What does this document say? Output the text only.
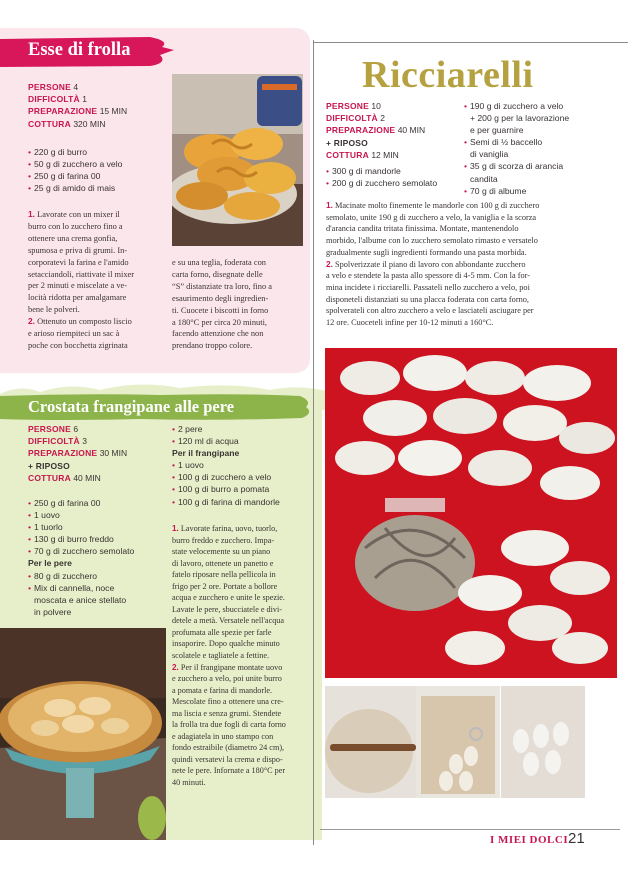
Esse di frolla
PERSONE 4
DIFFICOLTÀ 1
PREPARAZIONE 15 MIN
COTTURA 320 MIN
• 220 g di burro
• 50 g di zucchero a velo
• 250 g di farina 00
• 25 g di amido di mais
1. Lavorate con un mixer il
burro con lo zucchero fino a
ottenere una crema gonfia,
spumosa e priva di grumi. In-
corporatevi la farina e l'amido
setacciandoli, riattivate il mixer
per 2 minuti e miscelate a ve-
locità ridotta per amalgamare
bene le polveri.
2. Ottenuto un composto liscio
e arioso riempiteci un sac à
poche con bocchetta zigrinata
e su una teglia, foderata con
carta forno, disegnate delle
“S” distanziate tra loro, fino a
esaurimento degli ingredien-
ti. Cuocete i biscotti in forno
a 180°C per circa 20 minuti,
facendo attenzione che non
prendano troppo colore.
Crostata frangipane alle pere
PERSONE 6
DIFFICOLTÀ 3
PREPARAZIONE 30 MIN
+ RIPOSO
COTTURA 40 MIN
• 250 g di farina 00
• 1 uovo
• 1 tuorlo
• 130 g di burro freddo
• 70 g di zucchero semolato
Per le pere
• 80 g di zucchero
• Mix di cannella, noce
moscata e anice stellato
in polvere
• 2 pere
• 120 ml di acqua
Per il frangipane
• 1 uovo
• 100 g di zucchero a velo
• 100 g di burro a pomata
• 100 g di farina di mandorle
1. Lavorate farina, uovo, tuorlo,
burro freddo e zucchero. Impa-
state velocemente su un piano
di lavoro, ottenete un panetto e
fatelo riposare nella pellicola in
frigo per 2 ore. Portate a bollore
acqua e zucchero e unite le spezie.
Lavate le pere, sbucciatele e divi-
detele a metà. Versatele nell'acqua
profumata alle spezie per farle
insaporire. Dopo qualche minuto
scolatele e tagliatele a fettine.
2. Per il frangipane montate uovo
e zucchero a velo, poi unite burro
a pomata e farina di mandorle.
Mescolate fino a ottenere una cre-
ma liscia e senza grumi. Stendete
la frolla tra due fogli di carta forno
e adagiatela in uno stampo con
fondo estraibile (diametro 24 cm),
quindi versatevi la crema e dispo-
nete le pere. Infornate a 180°C per
40 minuti.
Ricciarelli
PERSONE 10
DIFFICOLTÀ 2
PREPARAZIONE 40 MIN
+ RIPOSO
COTTURA 12 MIN
• 300 g di mandorle
• 200 g di zucchero semolato
• 190 g di zucchero a velo
+ 200 g per la lavorazione
e per guarnire
• Semi di ½ baccello
di vaniglia
• 35 g di scorza di arancia
candita
• 70 g di albume
1. Macinate molto finemente le mandorle con 100 g di zucchero
semolato, unite 190 g di zucchero a velo, la vaniglia e la scorza
d'arancia candita tritata finissima. Montate, mantenendolo
morbido, l'albume con lo zucchero semolato rimasto e versatelo
gradualmente sugli ingredienti formando una pasta morbida.
2. Spolverizzate il piano di lavoro con abbondante zucchero
a velo e stendete la pasta allo spessore di 4-5 mm. Con la for-
mina incidete i ricciarelli. Passateli nello zucchero a velo, poi
disponeteli distanziati su una placca foderata con carta forno,
spolverateli con altro zucchero a velo e lasciateli asciugare per
12 ore. Cuoceteli infine per 10-12 minuti a 160°C.
I MIEI DOLCI 21
